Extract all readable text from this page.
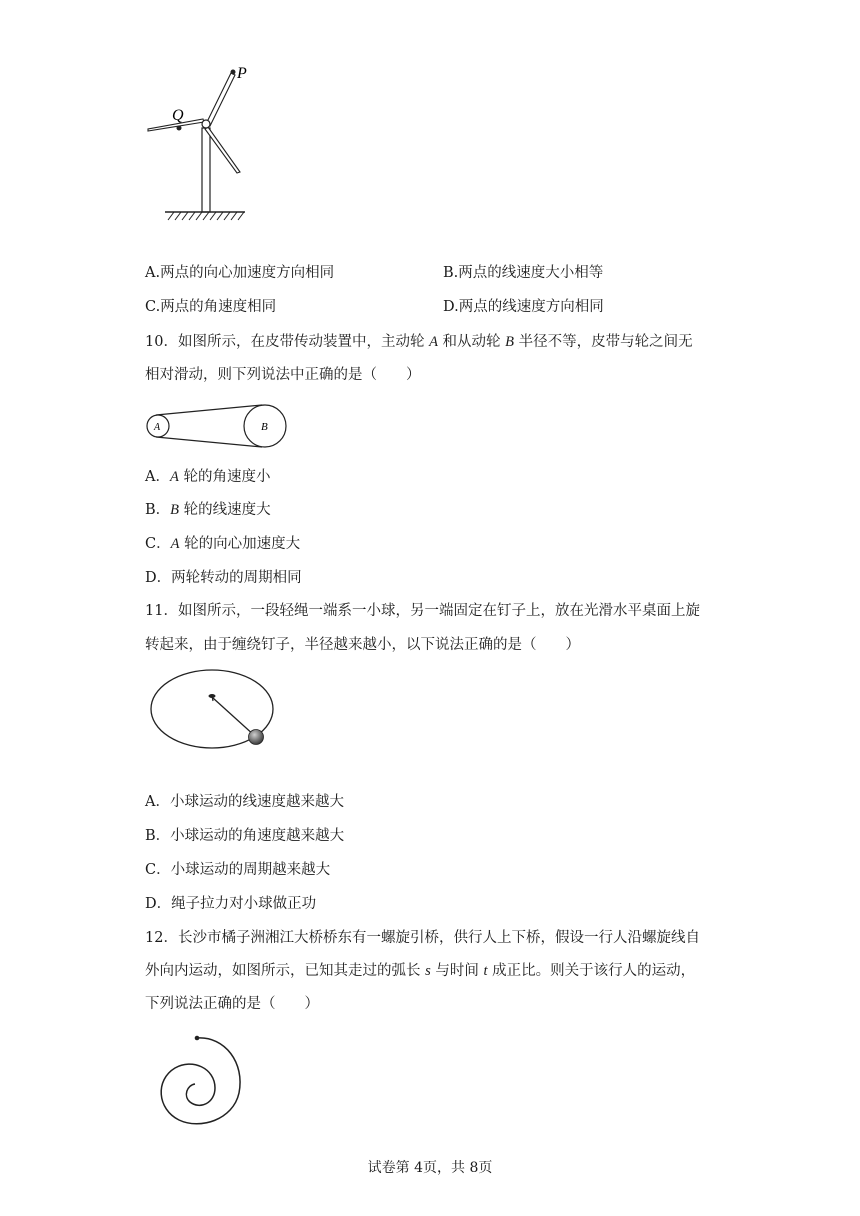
P
Q
A.两点的向心加速度方向相同	B.两点的线速度大小相等
C.两点的角速度相同	D.两点的线速度方向相同
10．如图所示，在皮带传动装置中，主动轮 A 和从动轮 B 半径不等，皮带与轮之间无
相对滑动，则下列说法中正确的是（　　）
A	B
A．A 轮的角速度小
B．B 轮的线速度大
C．A 轮的向心加速度大
D．两轮转动的周期相同
11．如图所示，一段轻绳一端系一小球，另一端固定在钉子上，放在光滑水平桌面上旋
转起来，由于缠绕钉子，半径越来越小，以下说法正确的是（　　）
A．小球运动的线速度越来越大
B．小球运动的角速度越来越大
C．小球运动的周期越来越大
D．绳子拉力对小球做正功
12．长沙市橘子洲湘江大桥桥东有一螺旋引桥，供行人上下桥，假设一行人沿螺旋线自
外向内运动，如图所示，已知其走过的弧长 s 与时间 t 成正比。则关于该行人的运动，
下列说法正确的是（　　）
试卷第 4页，共 8页
